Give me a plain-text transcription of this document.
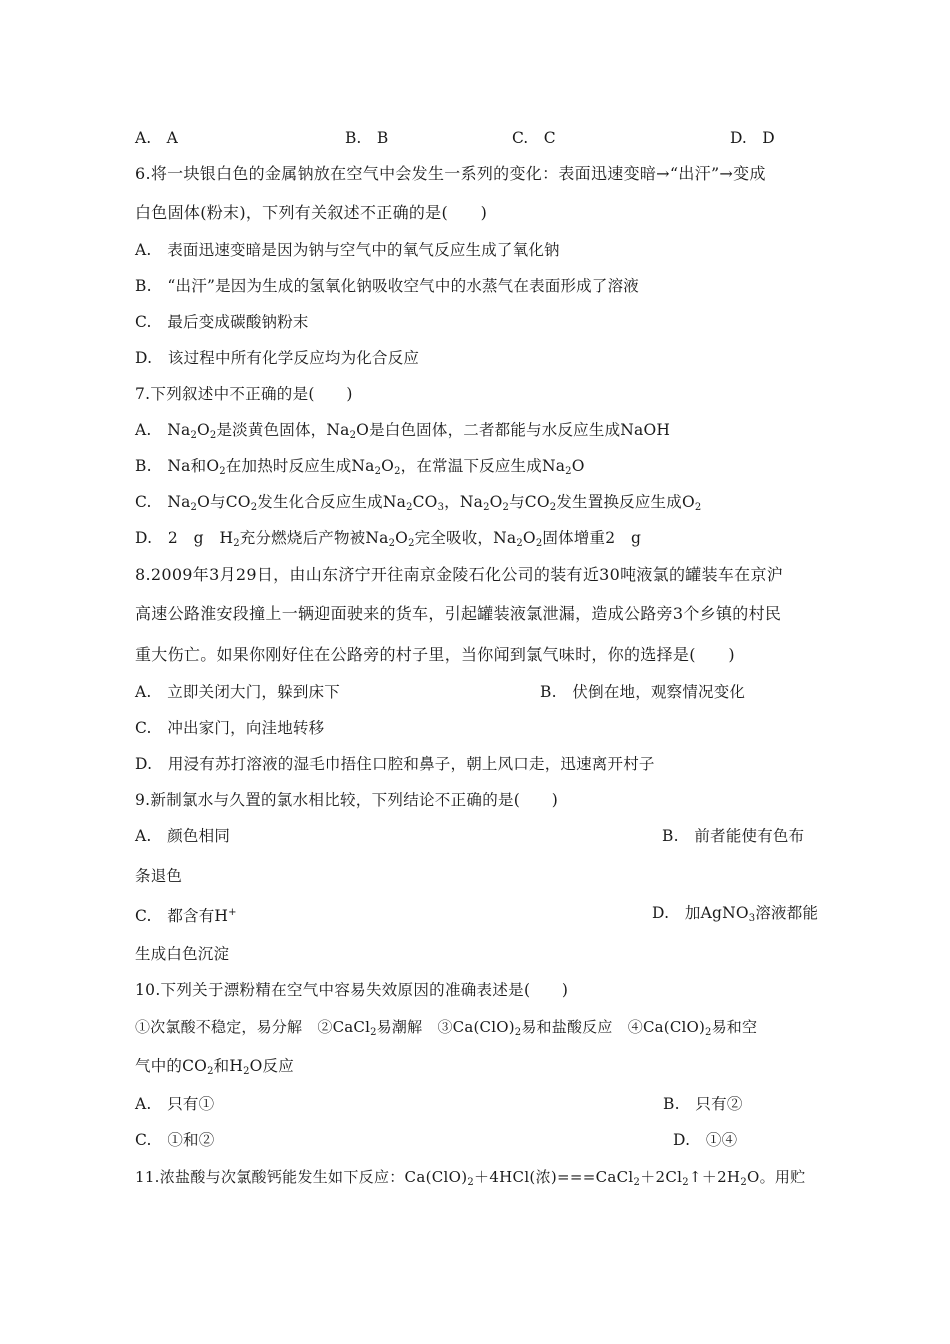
A.　A	B.　B	C.　C	D.　D
6.将一块银白色的金属钠放在空气中会发生一系列的变化：表面迅速变暗→“出汗”→变成
白色固体(粉末)，下列有关叙述不正确的是(　　)
A.　表面迅速变暗是因为钠与空气中的氧气反应生成了氧化钠
B.　“出汗”是因为生成的氢氧化钠吸收空气中的水蒸气在表面形成了溶液
C.　最后变成碳酸钠粉末
D.　该过程中所有化学反应均为化合反应
7.下列叙述中不正确的是(　　)
A.　$Na_2O_2$是淡黄色固体，$Na_2O$是白色固体，二者都能与水反应生成NaOH
B.　Na和$O_2$在加热时反应生成$Na_2O_2$，在常温下反应生成$Na_2O$
C.　$Na_2O$与$CO_2$发生化合反应生成$Na_2CO_3$，$Na_2O_2$与$CO_2$发生置换反应生成$O_2$
D.　2　g　$H_2$充分燃烧后产物被$Na_2O_2$完全吸收，$Na_2O_2$固体增重2　g
8.2009年3月29日，由山东济宁开往南京金陵石化公司的装有近30吨液氯的罐装车在京沪
高速公路淮安段撞上一辆迎面驶来的货车，引起罐装液氯泄漏，造成公路旁3个乡镇的村民
重大伤亡。如果你刚好住在公路旁的村子里，当你闻到氯气味时，你的选择是(　　)
A.　立即关闭大门，躲到床下	B.　伏倒在地，观察情况变化
C.　冲出家门，向洼地转移
D.　用浸有苏打溶液的湿毛巾捂住口腔和鼻子，朝上风口走，迅速离开村子
9.新制氯水与久置的氯水相比较，下列结论不正确的是(　　)
A.　颜色相同	B.　前者能使有色布
条退色
C.　都含有H+	D.　加AgNO$_3$溶液都能
生成白色沉淀
10.下列关于漂粉精在空气中容易失效原因的准确表述是(　　)
①次氯酸不稳定，易分解　②CaCl$_2$易潮解　$③Ca(ClO)_2$易和盐酸反应　$④Ca(ClO)_2$易和空
气中的$CO_2$和$H_2O$反应
A.　只有①	B.　只有②
C.　①和②	D.　①④
11.浓盐酸与次氯酸钙能发生如下反应：$Ca(ClO)_2+4HCl$(浓)$===CaCl_2+2Cl_2↑+2H_2O$。用贮
